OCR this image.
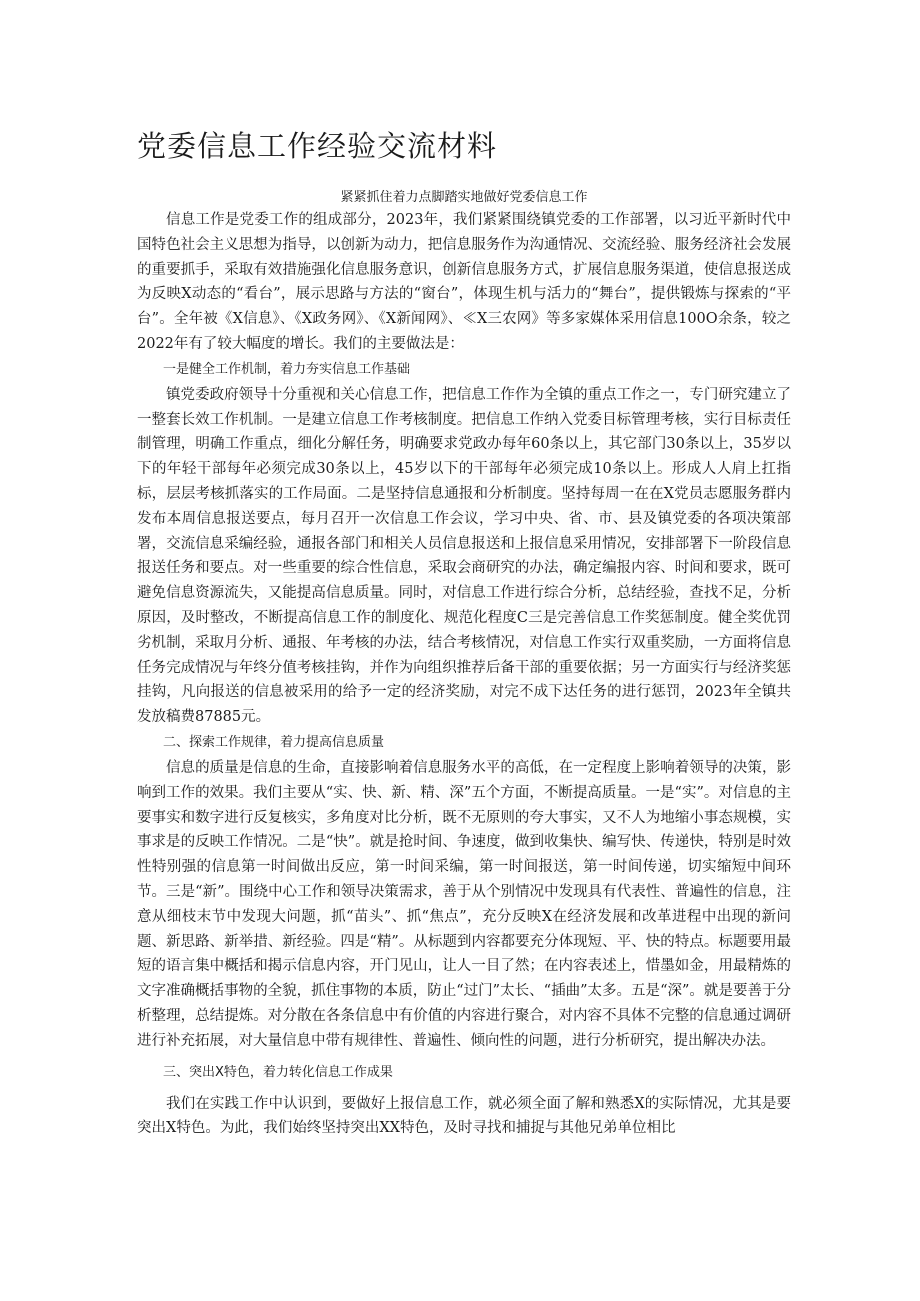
党委信息工作经验交流材料
紧紧抓住着力点脚踏实地做好党委信息工作

信息工作是党委工作的组成部分，2023年，我们紧紧围绕镇党委的工作部署，以习近平新时代中国特色社会主义思想为指导，以创新为动力，把信息服务作为沟通情况、交流经验、服务经济社会发展的重要抓手，采取有效措施强化信息服务意识，创新信息服务方式，扩展信息服务渠道，使信息报送成为反映X动态的“看台”，展示思路与方法的“窗台”，体现生机与活力的“舞台”，提供锻炼与探索的“平台”。全年被《X信息》、《X政务网》、《X新闻网》、≪X三农网》等多家媒体采用信息100O余条，较之2022年有了较大幅度的增长。我们的主要做法是：

一是健全工作机制，着力夯实信息工作基础

镇党委政府领导十分重视和关心信息工作，把信息工作作为全镇的重点工作之一，专门研究建立了一整套长效工作机制。一是建立信息工作考核制度。把信息工作纳入党委目标管理考核，实行目标责任制管理，明确工作重点，细化分解任务，明确要求党政办每年60条以上，其它部门30条以上，35岁以下的年轻干部每年必须完成30条以上，45岁以下的干部每年必须完成10条以上。形成人人肩上扛指标，层层考核抓落实的工作局面。二是坚持信息通报和分析制度。坚持每周一在在X党员志愿服务群内发布本周信息报送要点，每月召开一次信息工作会议，学习中央、省、市、县及镇党委的各项决策部署，交流信息采编经验，通报各部门和相关人员信息报送和上报信息采用情况，安排部署下一阶段信息报送任务和要点。对一些重要的综合性信息，采取会商研究的办法，确定编报内容、时间和要求，既可避免信息资源流失，又能提高信息质量。同时，对信息工作进行综合分析，总结经验，查找不足，分析原因，及时整改，不断提高信息工作的制度化、规范化程度C三是完善信息工作奖惩制度。健全奖优罚劣机制，采取月分析、通报、年考核的办法，结合考核情况，对信息工作实行双重奖励，一方面将信息任务完成情况与年终分值考核挂钩，并作为向组织推荐后备干部的重要依据；另一方面实行与经济奖惩挂钩，凡向报送的信息被采用的给予一定的经济奖励，对完不成下达任务的进行惩罚，2023年全镇共发放稿费87885元。

二、探索工作规律，着力提高信息质量

信息的质量是信息的生命，直接影响着信息服务水平的高低，在一定程度上影响着领导的决策，影响到工作的效果。我们主要从“实、快、新、精、深”五个方面，不断提高质量。一是“实”。对信息的主要事实和数字进行反复核实，多角度对比分析，既不无原则的夸大事实，又不人为地缩小事态规模，实事求是的反映工作情况。二是“快”。就是抢时间、争速度，做到收集快、编写快、传递快，特别是时效性特别强的信息第一时间做出反应，第一时间采编，第一时间报送，第一时间传递，切实缩短中间环节。三是“新”。围绕中心工作和领导决策需求，善于从个别情况中发现具有代表性、普遍性的信息，注意从细枝末节中发现大问题，抓“苗头”、抓“焦点”，充分反映X在经济发展和改革进程中出现的新问题、新思路、新举措、新经验。四是“精”。从标题到内容都要充分体现短、平、快的特点。标题要用最短的语言集中概括和揭示信息内容，开门见山，让人一目了然；在内容表述上，惜墨如金，用最精炼的文字准确概括事物的全貌，抓住事物的本质，防止“过门”太长、“插曲”太多。五是“深”。就是要善于分析整理，总结提炼。对分散在各条信息中有价值的内容进行聚合，对内容不具体不完整的信息通过调研进行补充拓展，对大量信息中带有规律性、普遍性、倾向性的问题，进行分析研究，提出解决办法。

三、突出X特色，着力转化信息工作成果

我们在实践工作中认识到，要做好上报信息工作，就必须全面了解和熟悉X的实际情况，尤其是要突出X特色。为此，我们始终坚持突出XX特色，及时寻找和捕捉与其他兄弟单位相比
